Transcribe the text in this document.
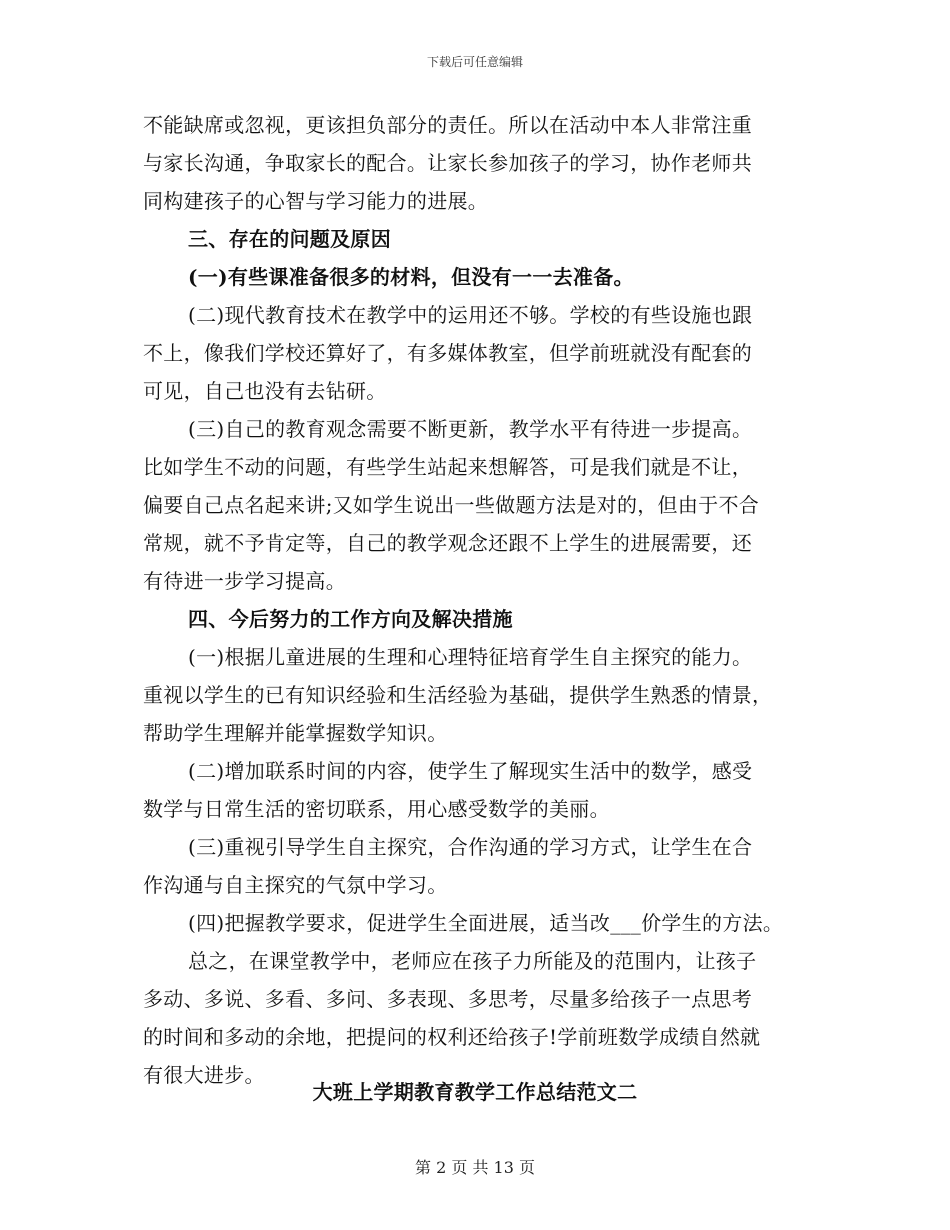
下载后可任意编辑
不能缺席或忽视，更该担负部分的责任。所以在活动中本人非常注重
与家长沟通，争取家长的配合。让家长参加孩子的学习，协作老师共
同构建孩子的心智与学习能力的进展。
三、存在的问题及原因
(一)有些课准备很多的材料，但没有一一去准备。
(二)现代教育技术在教学中的运用还不够。学校的有些设施也跟
不上，像我们学校还算好了，有多媒体教室，但学前班就没有配套的
可见，自己也没有去钻研。
(三)自己的教育观念需要不断更新，教学水平有待进一步提高。
比如学生不动的问题，有些学生站起来想解答，可是我们就是不让，
偏要自己点名起来讲;又如学生说出一些做题方法是对的，但由于不合
常规，就不予肯定等，自己的教学观念还跟不上学生的进展需要，还
有待进一步学习提高。
四、今后努力的工作方向及解决措施
(一)根据儿童进展的生理和心理特征培育学生自主探究的能力。
重视以学生的已有知识经验和生活经验为基础，提供学生熟悉的情景，
帮助学生理解并能掌握数学知识。
(二)增加联系时间的内容，使学生了解现实生活中的数学，感受
数学与日常生活的密切联系，用心感受数学的美丽。
(三)重视引导学生自主探究，合作沟通的学习方式，让学生在合
作沟通与自主探究的气氛中学习。
(四)把握教学要求，促进学生全面进展，适当改___价学生的方法。
总之，在课堂教学中，老师应在孩子力所能及的范围内，让孩子
多动、多说、多看、多问、多表现、多思考，尽量多给孩子一点思考
的时间和多动的余地，把提问的权利还给孩子!学前班数学成绩自然就
有很大进步。
大班上学期教育教学工作总结范文二
第 2 页 共 13 页
